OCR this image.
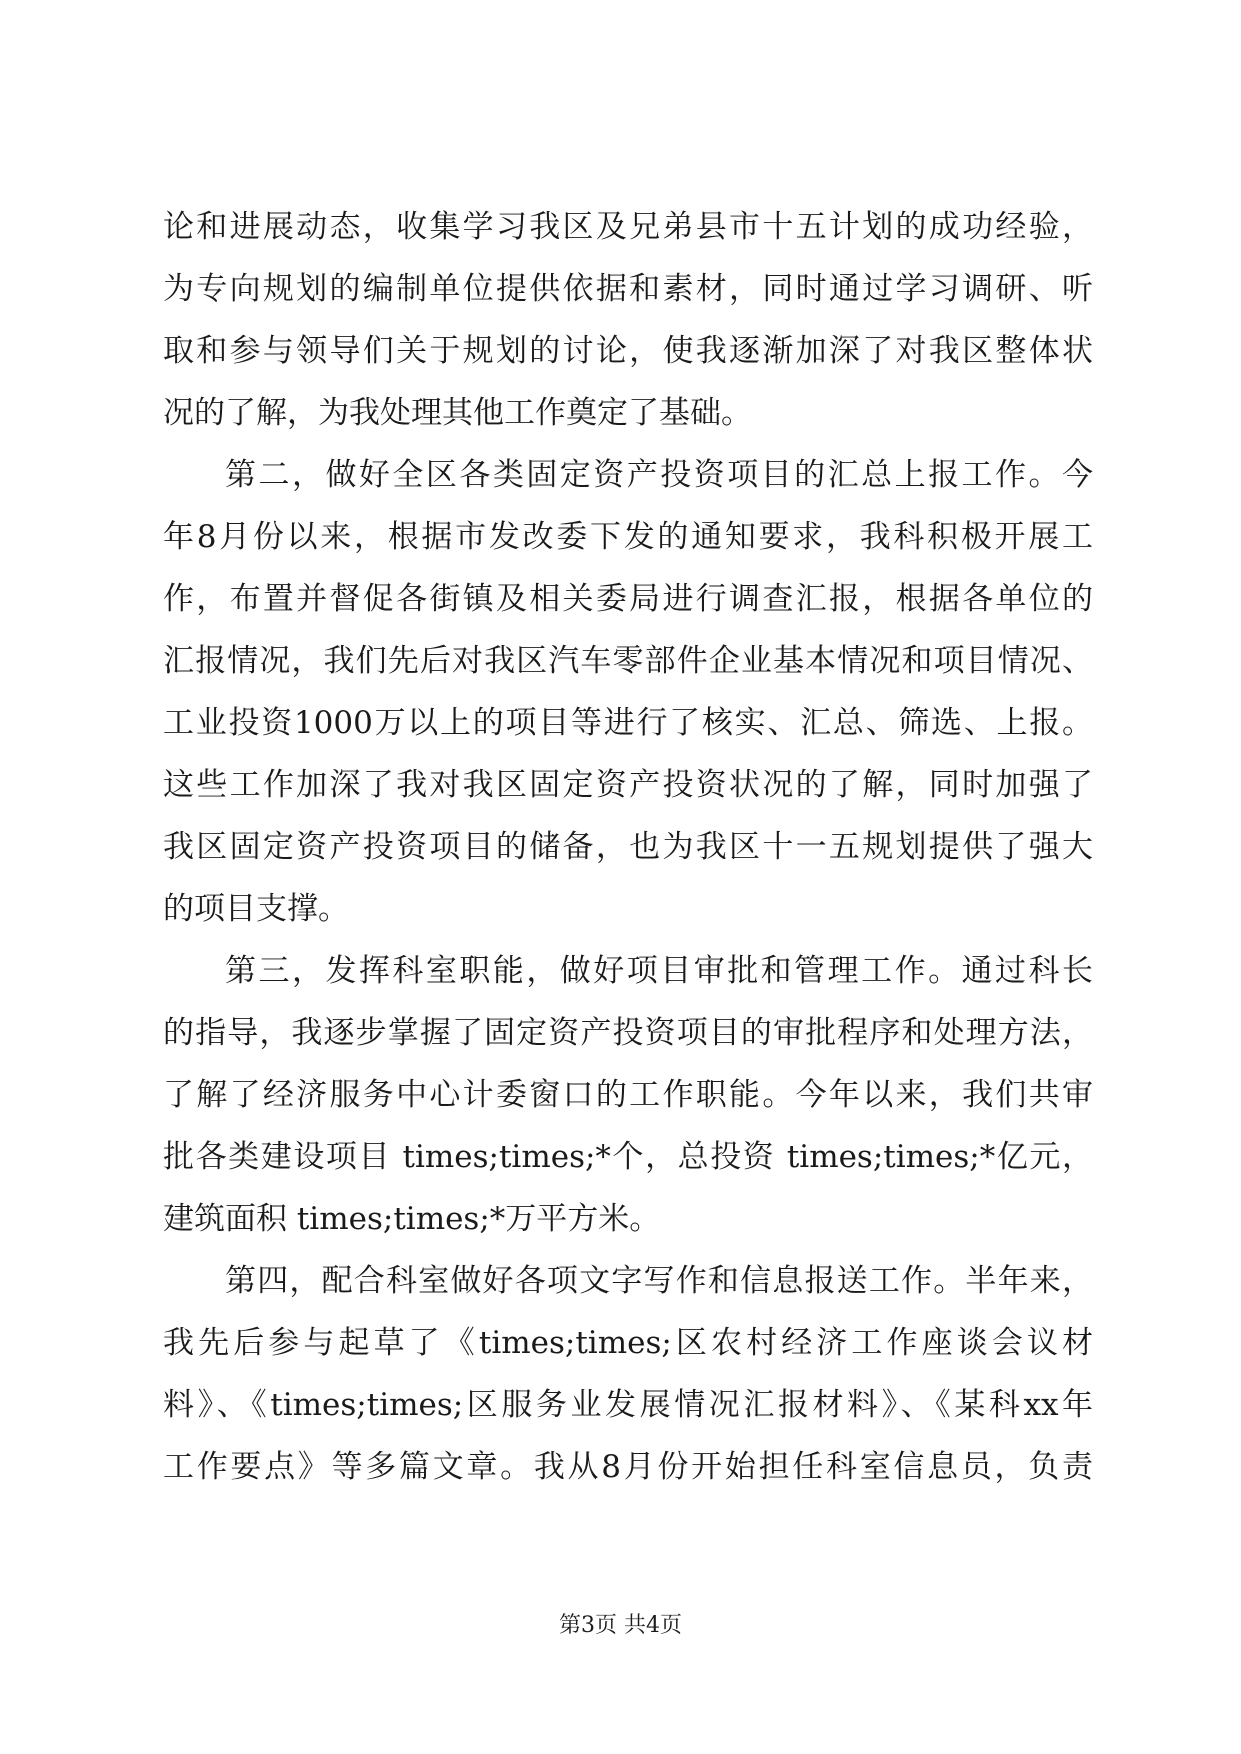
论和进展动态，收集学习我区及兄弟县市十五计划的成功经验，
为专向规划的编制单位提供依据和素材，同时通过学习调研、听
取和参与领导们关于规划的讨论，使我逐渐加深了对我区整体状
况的了解，为我处理其他工作奠定了基础。
第二，做好全区各类固定资产投资项目的汇总上报工作。今
年8月份以来，根据市发改委下发的通知要求，我科积极开展工
作，布置并督促各街镇及相关委局进行调查汇报，根据各单位的
汇报情况，我们先后对我区汽车零部件企业基本情况和项目情况、
工业投资1000万以上的项目等进行了核实、汇总、筛选、上报。
这些工作加深了我对我区固定资产投资状况的了解，同时加强了
我区固定资产投资项目的储备，也为我区十一五规划提供了强大
的项目支撑。
第三，发挥科室职能，做好项目审批和管理工作。通过科长
的指导，我逐步掌握了固定资产投资项目的审批程序和处理方法，
了解了经济服务中心计委窗口的工作职能。今年以来，我们共审
批各类建设项目 times;times;*个，总投资 times;times;*亿元，
建筑面积 times;times;*万平方米。
第四，配合科室做好各项文字写作和信息报送工作。半年来，
我先后参与起草了《times;times;区农村经济工作座谈会议材
料》、《times;times;区服务业发展情况汇报材料》、《某科xx年
工作要点》等多篇文章。我从8月份开始担任科室信息员，负责
第3页 共4页
